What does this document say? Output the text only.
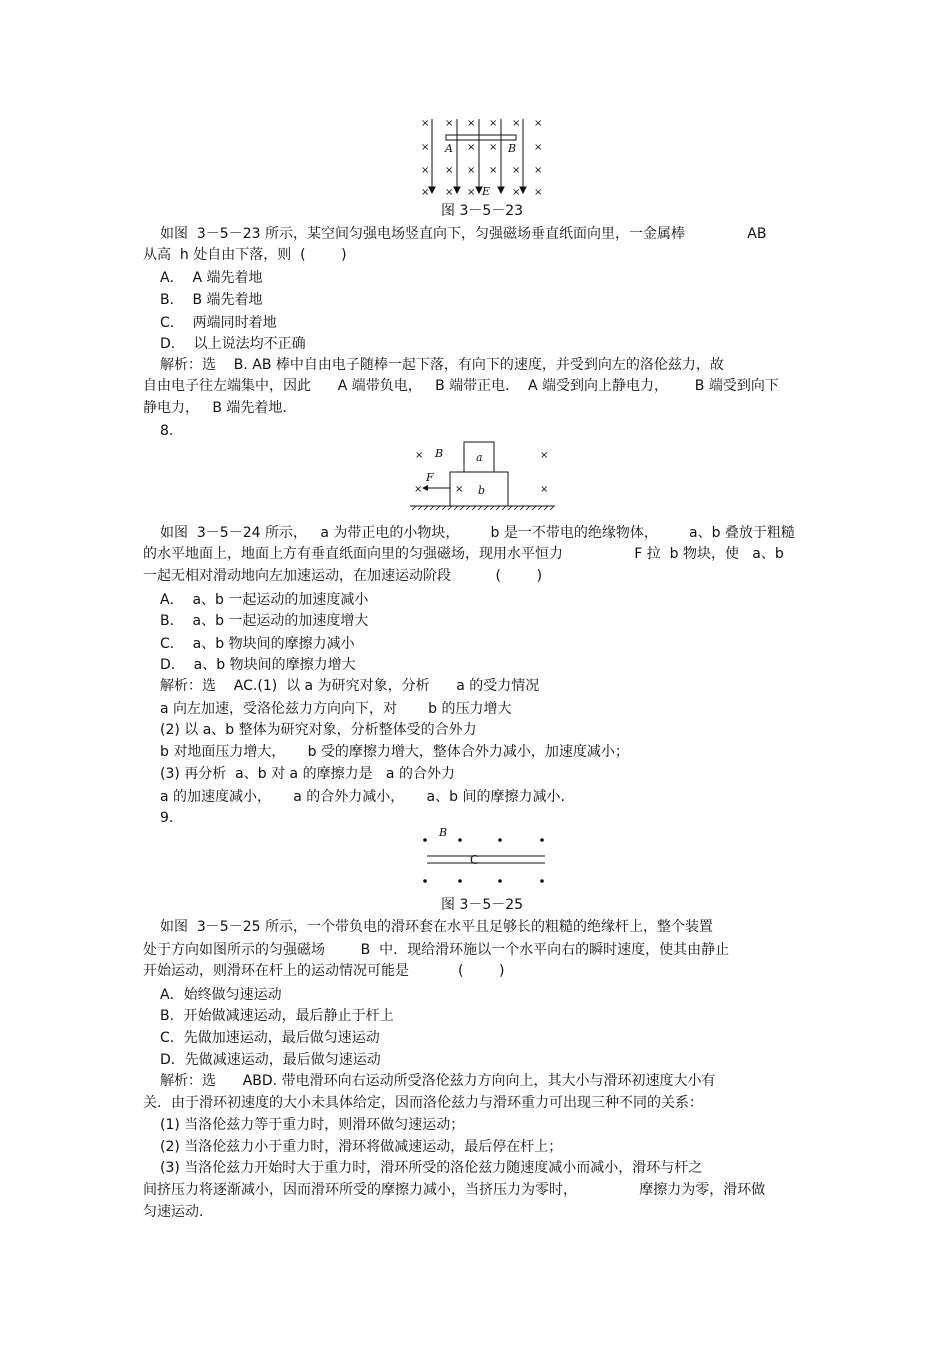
× × × × × ×
×	× ×	×
× × × × × ×
× × ×	× ×
A	B
E
图 3－5－23
如图  3－5－23 所示，某空间匀强电场竖直向下，匀强磁场垂直纸面向里，一金属棒              AB
从高  h 处自由下落，则  (        )
A．  A 端先着地
B．  B 端先着地
C．  两端同时着地
D．  以上说法均不正确
解析：选    B. AB 棒中自由电子随棒一起下落，有向下的速度，并受到向左的洛伦兹力，故
自由电子往左端集中，因此      A 端带负电，   B 端带正电．  A 端受到向上静电力，      B 端受到向下
静电力，   B 端先着地.
8.
× B	×
×
a
× b
×
F
如图  3－5－24 所示，   a 为带正电的小物块，       b 是一不带电的绝缘物体，       a、b 叠放于粗糙
的水平地面上，地面上方有垂直纸面向里的匀强磁场，现用水平恒力                F 拉  b 物块，使   a、b
一起无相对滑动地向左加速运动，在加速运动阶段          (        )
A．  a、b 一起运动的加速度减小
B．  a、b 一起运动的加速度增大
C．  a、b 物块间的摩擦力减小
D．  a、b 物块间的摩擦力增大
解析：选    AC.(1)  以 a 为研究对象，分析      a 的受力情况
a 向左加速，受洛伦兹力方向向下，对       b 的压力增大
(2) 以 a、b 整体为研究对象，分析整体受的合外力
b 对地面压力增大，     b 受的摩擦力增大，整体合外力减小，加速度减小；
(3) 再分析  a、b 对 a 的摩擦力是   a 的合外力
a 的加速度减小，     a 的合外力减小，     a、b 间的摩擦力减小.
9.
B
C
图 3－5－25
如图  3－5－25 所示，一个带负电的滑环套在水平且足够长的粗糙的绝缘杆上，整个装置
处于方向如图所示的匀强磁场        B  中．现给滑环施以一个水平向右的瞬时速度，使其由静止
开始运动，则滑环在杆上的运动情况可能是           (        )
A．始终做匀速运动
B．开始做减速运动，最后静止于杆上
C．先做加速运动，最后做匀速运动
D．先做减速运动，最后做匀速运动
解析：选      ABD. 带电滑环向右运动所受洛伦兹力方向向上，其大小与滑环初速度大小有
关．由于滑环初速度的大小未具体给定，因而洛伦兹力与滑环重力可出现三种不同的关系：
(1) 当洛伦兹力等于重力时，则滑环做匀速运动；
(2) 当洛伦兹力小于重力时，滑环将做减速运动，最后停在杆上；
(3) 当洛伦兹力开始时大于重力时，滑环所受的洛伦兹力随速度减小而减小，滑环与杆之
间挤压力将逐渐减小，因而滑环所受的摩擦力减小，当挤压力为零时，              摩擦力为零，滑环做
匀速运动.
